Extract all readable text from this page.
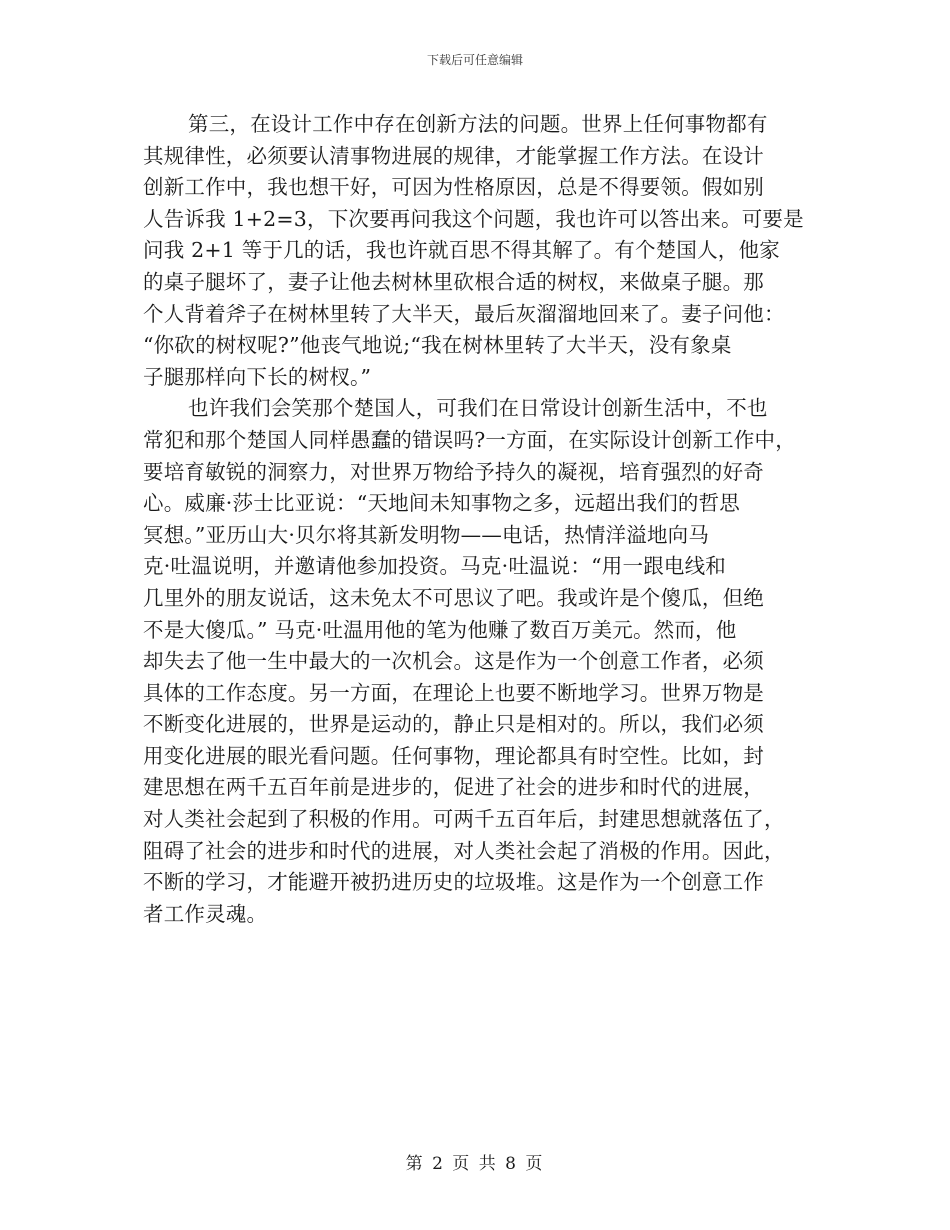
下载后可任意编辑
第三，在设计工作中存在创新方法的问题。世界上任何事物都有
其规律性，必须要认清事物进展的规律，才能掌握工作方法。在设计
创新工作中，我也想干好，可因为性格原因，总是不得要领。假如别
人告诉我 1+2=3，下次要再问我这个问题，我也许可以答出来。可要是
问我 2+1 等于几的话，我也许就百思不得其解了。有个楚国人，他家
的桌子腿坏了，妻子让他去树林里砍根合适的树杈，来做桌子腿。那
个人背着斧子在树林里转了大半天，最后灰溜溜地回来了。妻子问他：
“你砍的树杈呢?”他丧气地说;“我在树林里转了大半天，没有象桌
子腿那样向下长的树杈。”
也许我们会笑那个楚国人，可我们在日常设计创新生活中，不也
常犯和那个楚国人同样愚蠢的错误吗?一方面，在实际设计创新工作中，
要培育敏锐的洞察力，对世界万物给予持久的凝视，培育强烈的好奇
心。威廉·莎士比亚说：“天地间未知事物之多，远超出我们的哲思
冥想。”亚历山大·贝尔将其新发明物——电话，热情洋溢地向马
克·吐温说明，并邀请他参加投资。马克·吐温说：“用一跟电线和
几里外的朋友说话，这未免太不可思议了吧。我或许是个傻瓜，但绝
不是大傻瓜。” 马克·吐温用他的笔为他赚了数百万美元。然而，他
却失去了他一生中最大的一次机会。这是作为一个创意工作者，必须
具体的工作态度。另一方面，在理论上也要不断地学习。世界万物是
不断变化进展的，世界是运动的，静止只是相对的。所以，我们必须
用变化进展的眼光看问题。任何事物，理论都具有时空性。比如，封
建思想在两千五百年前是进步的，促进了社会的进步和时代的进展，
对人类社会起到了积极的作用。可两千五百年后，封建思想就落伍了，
阻碍了社会的进步和时代的进展，对人类社会起了消极的作用。因此，
不断的学习，才能避开被扔进历史的垃圾堆。这是作为一个创意工作
者工作灵魂。
第 2 页 共 8 页
